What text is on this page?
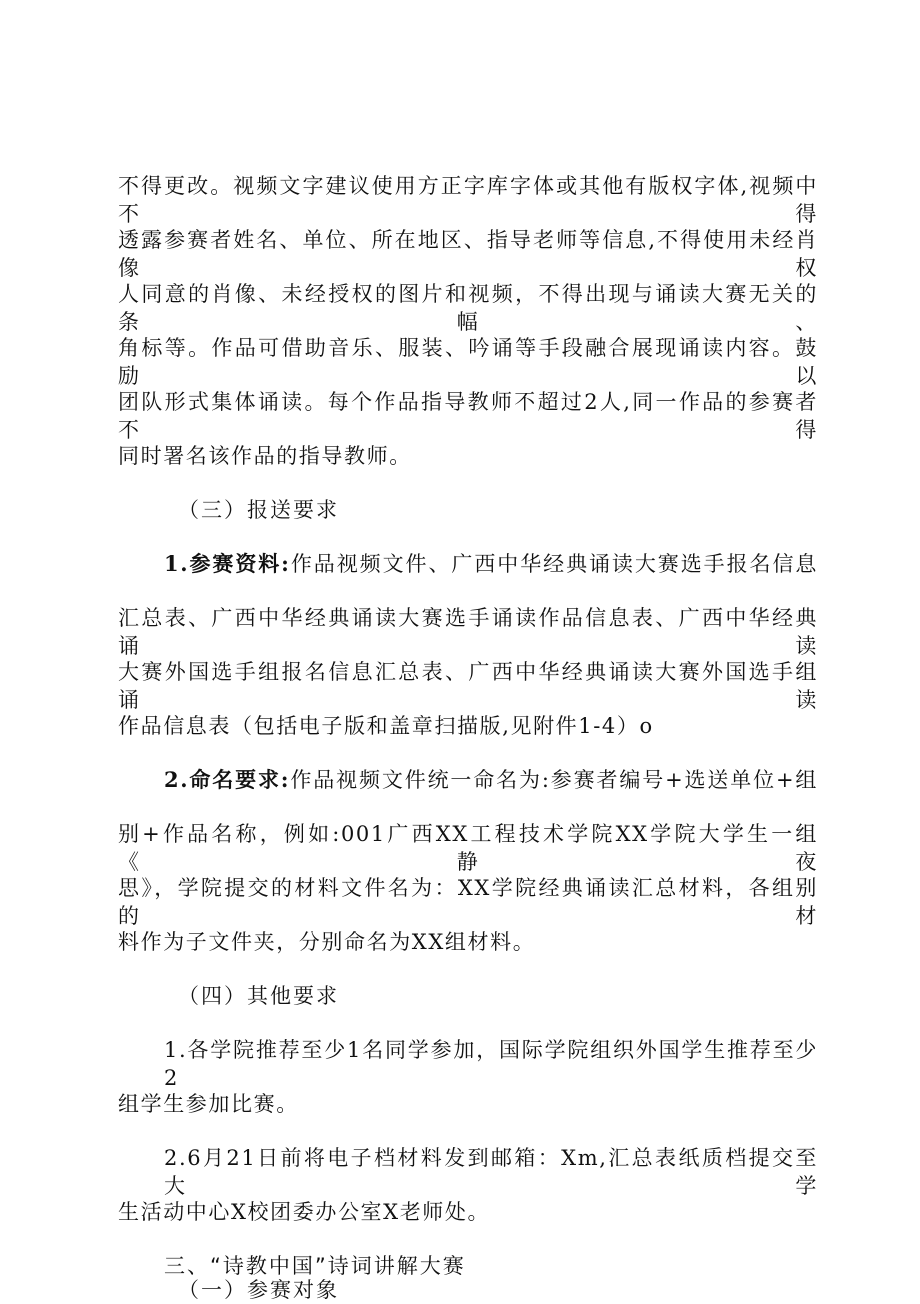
不得更改。视频文字建议使用方正字库字体或其他有版权字体,视频中不得
透露参赛者姓名、单位、所在地区、指导老师等信息,不得使用未经肖像权
人同意的肖像、未经授权的图片和视频，不得出现与诵读大赛无关的条幅、
角标等。作品可借助音乐、服装、吟诵等手段融合展现诵读内容。鼓励以
团队形式集体诵读。每个作品指导教师不超过2人,同一作品的参赛者不得
同时署名该作品的指导教师。
（三）报送要求
1.参赛资料:作品视频文件、广西中华经典诵读大赛选手报名信息
汇总表、广西中华经典诵读大赛选手诵读作品信息表、广西中华经典诵读
大赛外国选手组报名信息汇总表、广西中华经典诵读大赛外国选手组诵读
作品信息表（包括电子版和盖章扫描版,见附件1-4）o
2.命名要求:作品视频文件统一命名为:参赛者编号+选送单位+组
别+作品名称，例如:001广西XX工程技术学院XX学院大学生一组《静夜
思》，学院提交的材料文件名为：XX学院经典诵读汇总材料，各组别的材
料作为子文件夹，分别命名为XX组材料。
（四）其他要求
1.各学院推荐至少1名同学参加，国际学院组织外国学生推荐至少2
组学生参加比赛。
2.6月21日前将电子档材料发到邮箱：Xm,汇总表纸质档提交至大学
生活动中心X校团委办公室X老师处。
三、“诗教中国”诗词讲解大赛
（一）参赛对象
